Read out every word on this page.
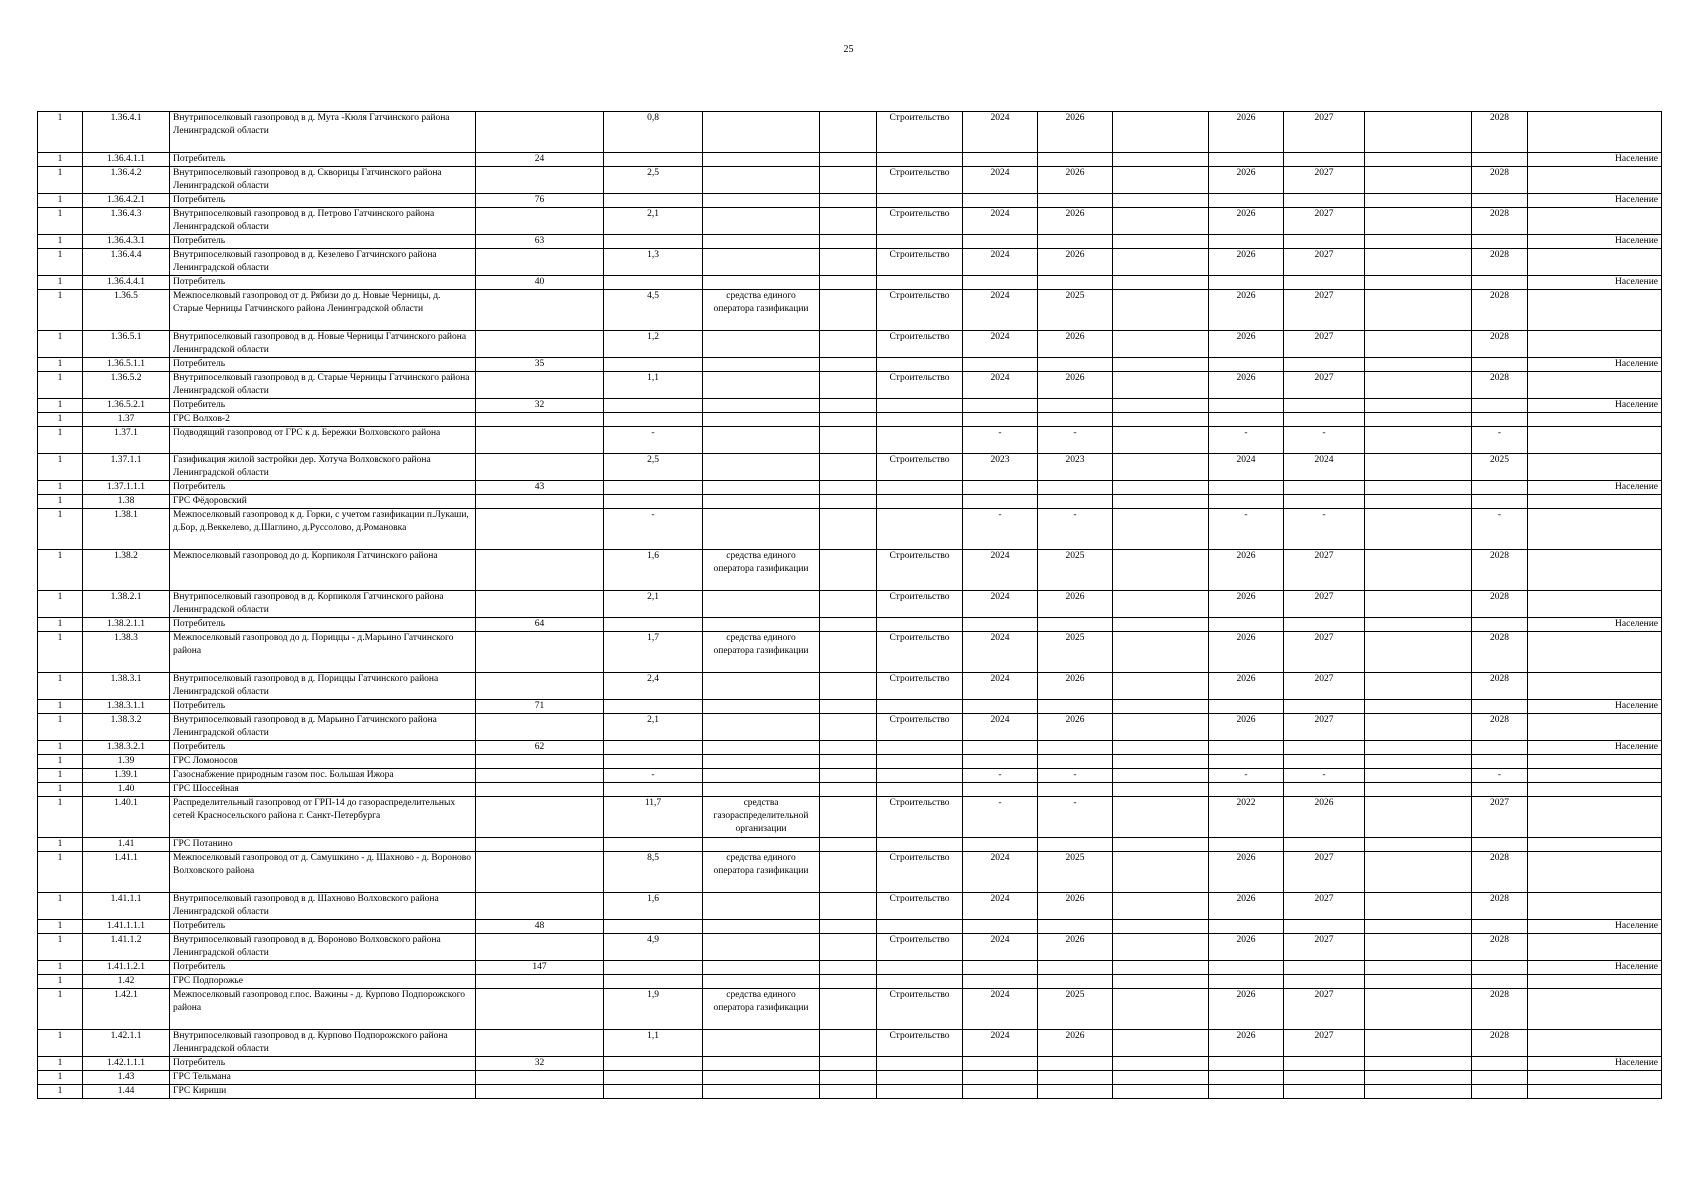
25
1	1.36.4.1	Внутрипоселковый газопровод в д. Мута -Кюля Гатчинского района Ленинградской области		0,8			Строительство	2024	2026		2026	2027		2028	
1	1.36.4.1.1	Потребитель	24												Население
1	1.36.4.2	Внутрипоселковый газопровод в д. Скворицы Гатчинского района Ленинградской области		2,5			Строительство	2024	2026		2026	2027		2028	
1	1.36.4.2.1	Потребитель	76												Население
1	1.36.4.3	Внутрипоселковый газопровод в д. Петрово Гатчинского района Ленинградской области		2,1			Строительство	2024	2026		2026	2027		2028	
1	1.36.4.3.1	Потребитель	63												Население
1	1.36.4.4	Внутрипоселковый газопровод в д. Кезелево Гатчинского района Ленинградской области		1,3			Строительство	2024	2026		2026	2027		2028	
1	1.36.4.4.1	Потребитель	40												Население
1	1.36.5	Межпоселковый газопровод от д. Рябизи до д. Новые Черницы, д. Старые Черницы Гатчинского района Ленинградской области		4,5	средства единого оператора газификации		Строительство	2024	2025		2026	2027		2028	
1	1.36.5.1	Внутрипоселковый газопровод в д. Новые Черницы Гатчинского района Ленинградской области		1,2			Строительство	2024	2026		2026	2027		2028	
1	1.36.5.1.1	Потребитель	35												Население
1	1.36.5.2	Внутрипоселковый газопровод в д. Старые Черницы Гатчинского района Ленинградской области		1,1			Строительство	2024	2026		2026	2027		2028	
1	1.36.5.2.1	Потребитель	32												Население
1	1.37	ГРС Волхов-2													
1	1.37.1	Подводящий газопровод от ГРС к д. Бережки Волховского района		-				-	-		-	-		-	
1	1.37.1.1	Газификация жилой застройки дер. Хотуча Волховского района Ленинградской области		2,5			Строительство	2023	2023		2024	2024		2025	
1	1.37.1.1.1	Потребитель	43												Население
1	1.38	ГРС Фёдоровский													
1	1.38.1	Межпоселковый газопровод к д. Горки, с учетом газификации п.Лукаши, д.Бор, д.Веккелево, д.Шаглино, д.Руссолово, д.Романовка		-				-	-		-	-		-	
1	1.38.2	Межпоселковый газопровод до д. Корпиколя Гатчинского района		1,6	средства единого оператора газификации		Строительство	2024	2025		2026	2027		2028	
1	1.38.2.1	Внутрипоселковый газопровод в д. Корпиколя Гатчинского района Ленинградской области		2,1			Строительство	2024	2026		2026	2027		2028	
1	1.38.2.1.1	Потребитель	64												Население
1	1.38.3	Межпоселковый газопровод до д. Пориццы - д.Марьино Гатчинского района		1,7	средства единого оператора газификации		Строительство	2024	2025		2026	2027		2028	
1	1.38.3.1	Внутрипоселковый газопровод в д. Пориццы Гатчинского района Ленинградской области		2,4			Строительство	2024	2026		2026	2027		2028	
1	1.38.3.1.1	Потребитель	71												Население
1	1.38.3.2	Внутрипоселковый газопровод в д. Марьино Гатчинского района Ленинградской области		2,1			Строительство	2024	2026		2026	2027		2028	
1	1.38.3.2.1	Потребитель	62												Население
1	1.39	ГРС Ломоносов													
1	1.39.1	Газоснабжение природным газом пос. Большая Ижора		-				-	-		-	-		-	
1	1.40	ГРС Шоссейная													
1	1.40.1	Распределительный газопровод от ГРП-14 до газораспределительных сетей Красносельского района г. Санкт-Петербурга		11,7	средства газораспределительной организации		Строительство	-	-		2022	2026		2027	
1	1.41	ГРС Потанино													
1	1.41.1	Межпоселковый газопровод от д. Самушкино - д. Шахново - д. Вороново Волховского района		8,5	средства единого оператора газификации		Строительство	2024	2025		2026	2027		2028	
1	1.41.1.1	Внутрипоселковый газопровод в д. Шахново Волховского района Ленинградской области		1,6			Строительство	2024	2026		2026	2027		2028	
1	1.41.1.1.1	Потребитель	48												Население
1	1.41.1.2	Внутрипоселковый газопровод в д. Вороново Волховского района Ленинградской области		4,9			Строительство	2024	2026		2026	2027		2028	
1	1.41.1.2.1	Потребитель	147												Население
1	1.42	ГРС Подпорожье													
1	1.42.1	Межпоселковый газопровод г.пос. Важины - д. Курпово Подпорожского района		1,9	средства единого оператора газификации		Строительство	2024	2025		2026	2027		2028	
1	1.42.1.1	Внутрипоселковый газопровод в д. Курпово Подпорожского района Ленинградской области		1,1			Строительство	2024	2026		2026	2027		2028	
1	1.42.1.1.1	Потребитель	32												Население
1	1.43	ГРС Тельмана													
1	1.44	ГРС Кириши													
